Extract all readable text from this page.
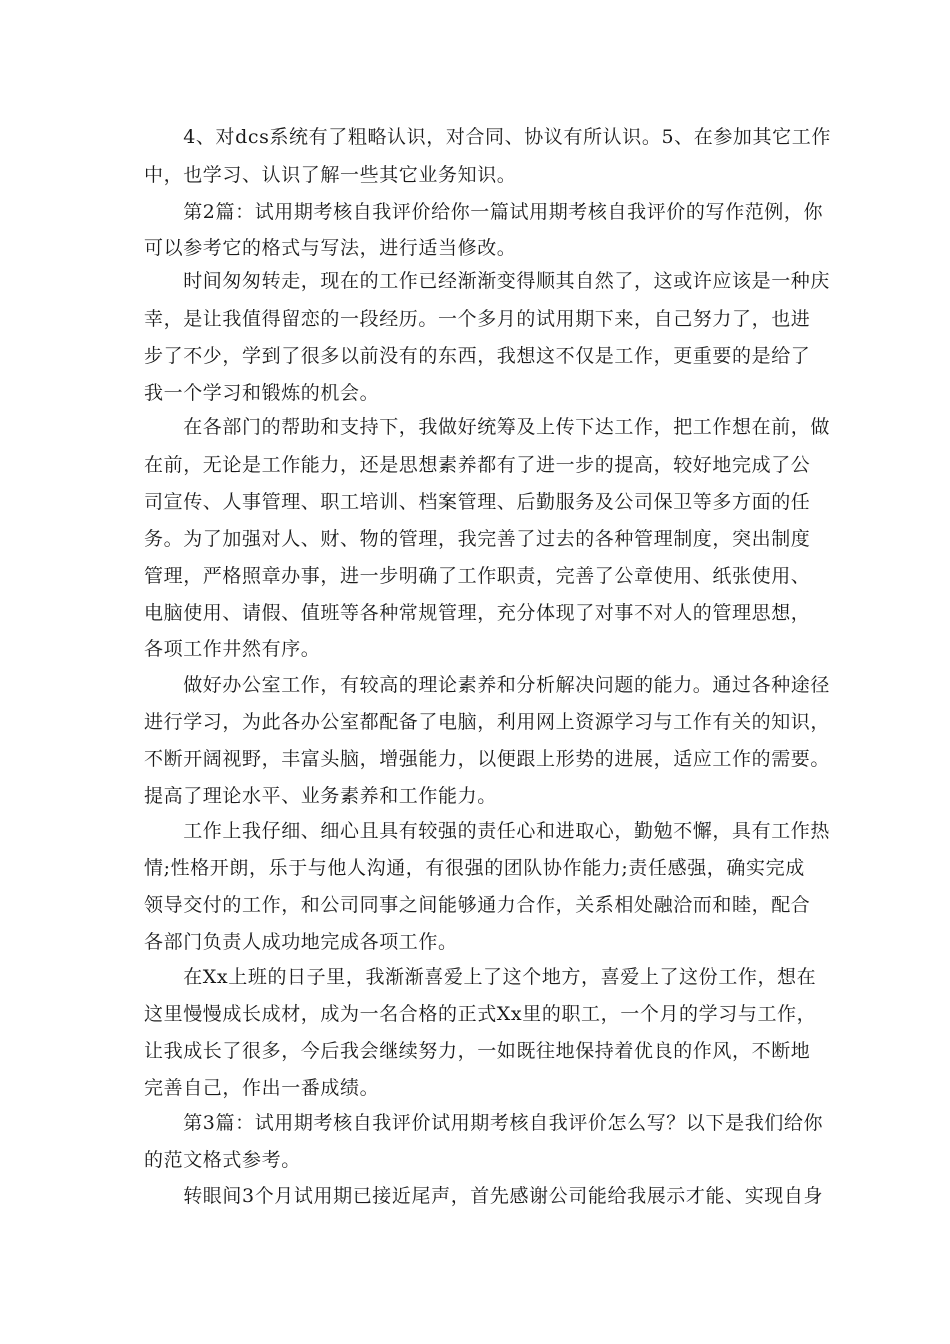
　　4、对dcs系统有了粗略认识，对合同、协议有所认识。5、在参加其它工作
中，也学习、认识了解一些其它业务知识。
　　第2篇：试用期考核自我评价给你一篇试用期考核自我评价的写作范例，你
可以参考它的格式与写法，进行适当修改。
　　时间匆匆转走，现在的工作已经渐渐变得顺其自然了，这或许应该是一种庆
幸，是让我值得留恋的一段经历。一个多月的试用期下来，自己努力了，也进
步了不少，学到了很多以前没有的东西，我想这不仅是工作，更重要的是给了
我一个学习和锻炼的机会。
　　在各部门的帮助和支持下，我做好统筹及上传下达工作，把工作想在前，做
在前，无论是工作能力，还是思想素养都有了进一步的提高，较好地完成了公
司宣传、人事管理、职工培训、档案管理、后勤服务及公司保卫等多方面的任
务。为了加强对人、财、物的管理，我完善了过去的各种管理制度，突出制度
管理，严格照章办事，进一步明确了工作职责，完善了公章使用、纸张使用、
电脑使用、请假、值班等各种常规管理，充分体现了对事不对人的管理思想，
各项工作井然有序。
　　做好办公室工作，有较高的理论素养和分析解决问题的能力。通过各种途径
进行学习，为此各办公室都配备了电脑，利用网上资源学习与工作有关的知识，
不断开阔视野，丰富头脑，增强能力，以便跟上形势的进展，适应工作的需要。
提高了理论水平、业务素养和工作能力。
　　工作上我仔细、细心且具有较强的责任心和进取心，勤勉不懈，具有工作热
情;性格开朗，乐于与他人沟通，有很强的团队协作能力;责任感强，确实完成
领导交付的工作，和公司同事之间能够通力合作，关系相处融洽而和睦，配合
各部门负责人成功地完成各项工作。
　　在Xx上班的日子里，我渐渐喜爱上了这个地方，喜爱上了这份工作，想在
这里慢慢成长成材，成为一名合格的正式Xx里的职工，一个月的学习与工作，
让我成长了很多，今后我会继续努力，一如既往地保持着优良的作风，不断地
完善自己，作出一番成绩。
　　第3篇：试用期考核自我评价试用期考核自我评价怎么写？以下是我们给你
的范文格式参考。
　　转眼间3个月试用期已接近尾声，首先感谢公司能给我展示才能、实现自身
